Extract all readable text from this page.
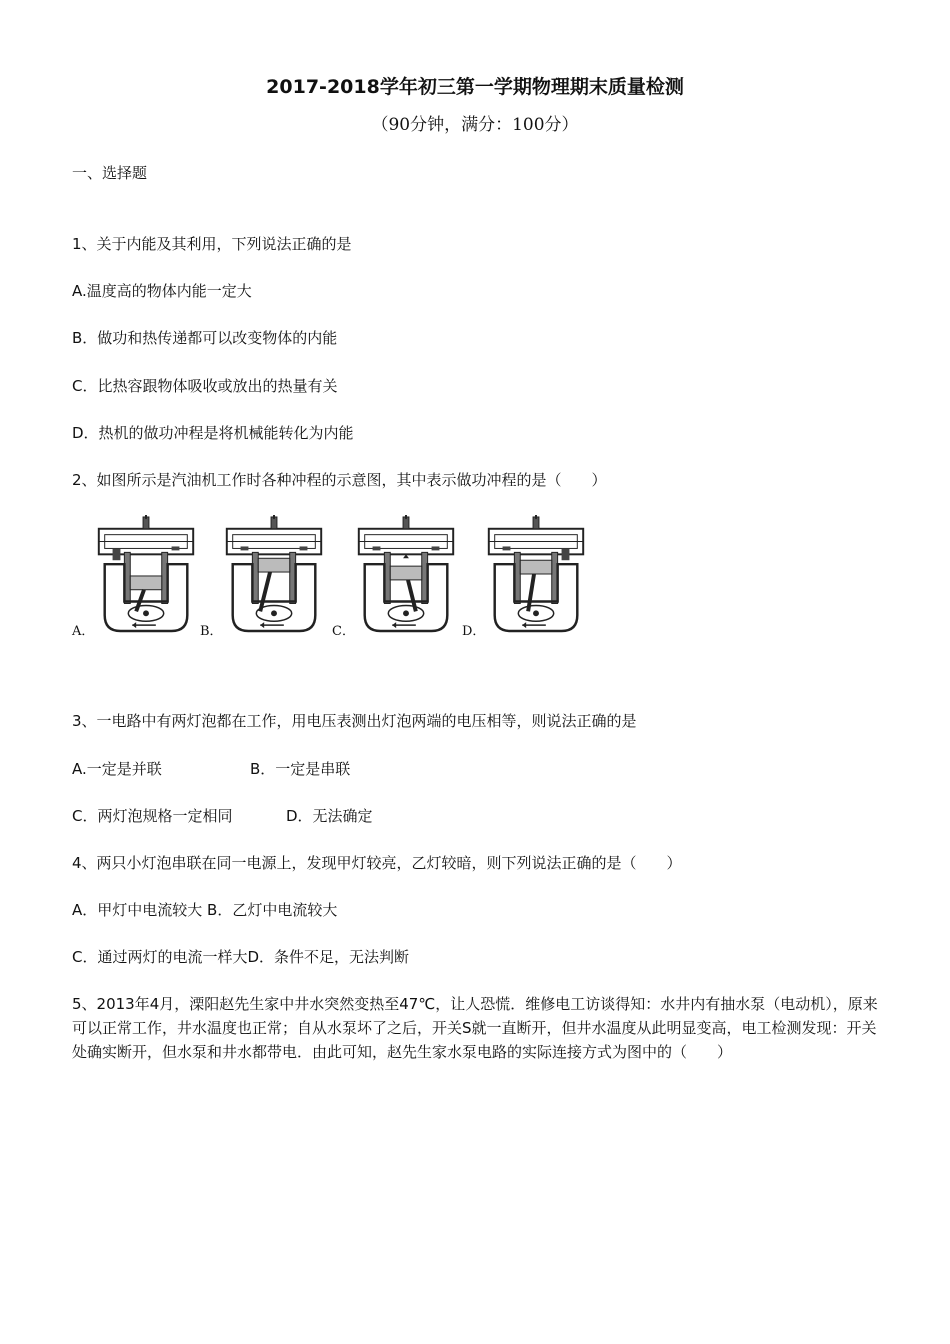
2017-2018学年初三第一学期物理期末质量检测
（90分钟，满分：100分）
一、选择题
1、关于内能及其利用，下列说法正确的是
A.温度高的物体内能一定大
B．做功和热传递都可以改变物体的内能
C．比热容跟物体吸收或放出的热量有关
D．热机的做功冲程是将机械能转化为内能
2、如图所示是汽油机工作时各种冲程的示意图，其中表示做功冲程的是（　　）
A．	B．	C．	D．
3、一电路中有两灯泡都在工作，用电压表测出灯泡两端的电压相等，则说法正确的是
A.一定是并联	B．一定是串联
C．两灯泡规格一定相同	D．无法确定
4、两只小灯泡串联在同一电源上，发现甲灯较亮，乙灯较暗，则下列说法正确的是（　　）
A．甲灯中电流较大 B．乙灯中电流较大
C．通过两灯的电流一样大D．条件不足，无法判断
5、2013年4月，溧阳赵先生家中井水突然变热至47℃，让人恐慌．维修电工访谈得知：水井内有抽水泵（电动机），原来可以正常工作，井水温度也正常；自从水泵坏了之后，开关S就一直断开，但井水温度从此明显变高，电工检测发现：开关处确实断开，但水泵和井水都带电．由此可知，赵先生家水泵电路的实际连接方式为图中的（　　）
